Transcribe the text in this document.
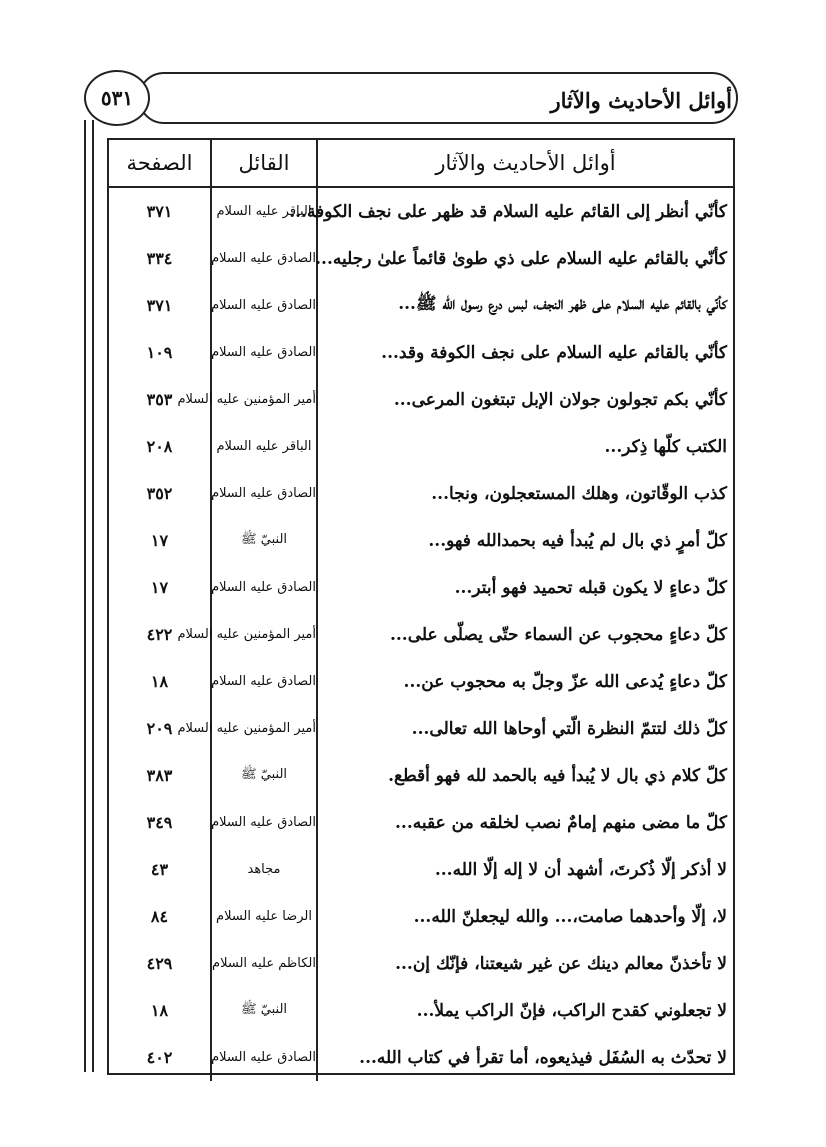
أوائل الأحاديث والآثار
٥٣١
أوائل الأحاديث والآثار	القائل	الصفحة
كأنّي أنظر إلى القائم عليه السلام قد ظهر على نجف الكوفة...	الباقر عليه السلام	٣٧١
كأنّي بالقائم عليه السلام على ذي طوىٰ قائماً علىٰ رجليه...	الصادق عليه السلام	٣٣٤
كأنّي بالقائم عليه السلام على ظهر النجف، لبس درع رسول الله ﷺ...	الصادق عليه السلام	٣٧١
كأنّي بالقائم عليه السلام على نجف الكوفة وقد...	الصادق عليه السلام	١٠٩
كأنّي بكم تجولون جولان الإبل تبتغون المرعى...	أمير المؤمنين عليه السلام	٣٥٣
الكتب كلّها ذِكر...	الباقر عليه السلام	٢٠٨
كذب الوقّاتون، وهلك المستعجلون، ونجا...	الصادق عليه السلام	٣٥٢
كلّ أمرٍ ذي بال لم يُبدأ فيه بحمدالله فهو...	النبيّ ﷺ	١٧
كلّ دعاءٍ لا يكون قبله تحميد فهو أبتر...	الصادق عليه السلام	١٧
كلّ دعاءٍ محجوب عن السماء حتّى يصلّى على...	أمير المؤمنين عليه السلام	٤٢٢
كلّ دعاءٍ يُدعى الله عزّ وجلّ به محجوب عن...	الصادق عليه السلام	١٨
كلّ ذلك لتتمّ النظرة الّتي أوحاها الله تعالى...	أمير المؤمنين عليه السلام	٢٠٩
كلّ كلام ذي بال لا يُبدأ فيه بالحمد لله فهو أقطع.	النبيّ ﷺ	٣٨٣
كلّ ما مضى منهم إمامٌ نصب لخلقه من عقبه...	الصادق عليه السلام	٣٤٩
لا أذكر إلّا ذُكرتَ، أشهد أن لا إله إلّا الله...	مجاهد	٤٣
لا، إلّا وأحدهما صامت،... والله ليجعلنّ الله...	الرضا عليه السلام	٨٤
لا تأخذنّ معالم دينك عن غير شيعتنا، فإنّك إن...	الكاظم عليه السلام	٤٢٩
لا تجعلوني كقدح الراكب، فإنّ الراكب يملأ...	النبيّ ﷺ	١٨
لا تحدّث به السُفَل فيذيعوه، أما تقرأ في كتاب الله...	الصادق عليه السلام	٤٠٢
